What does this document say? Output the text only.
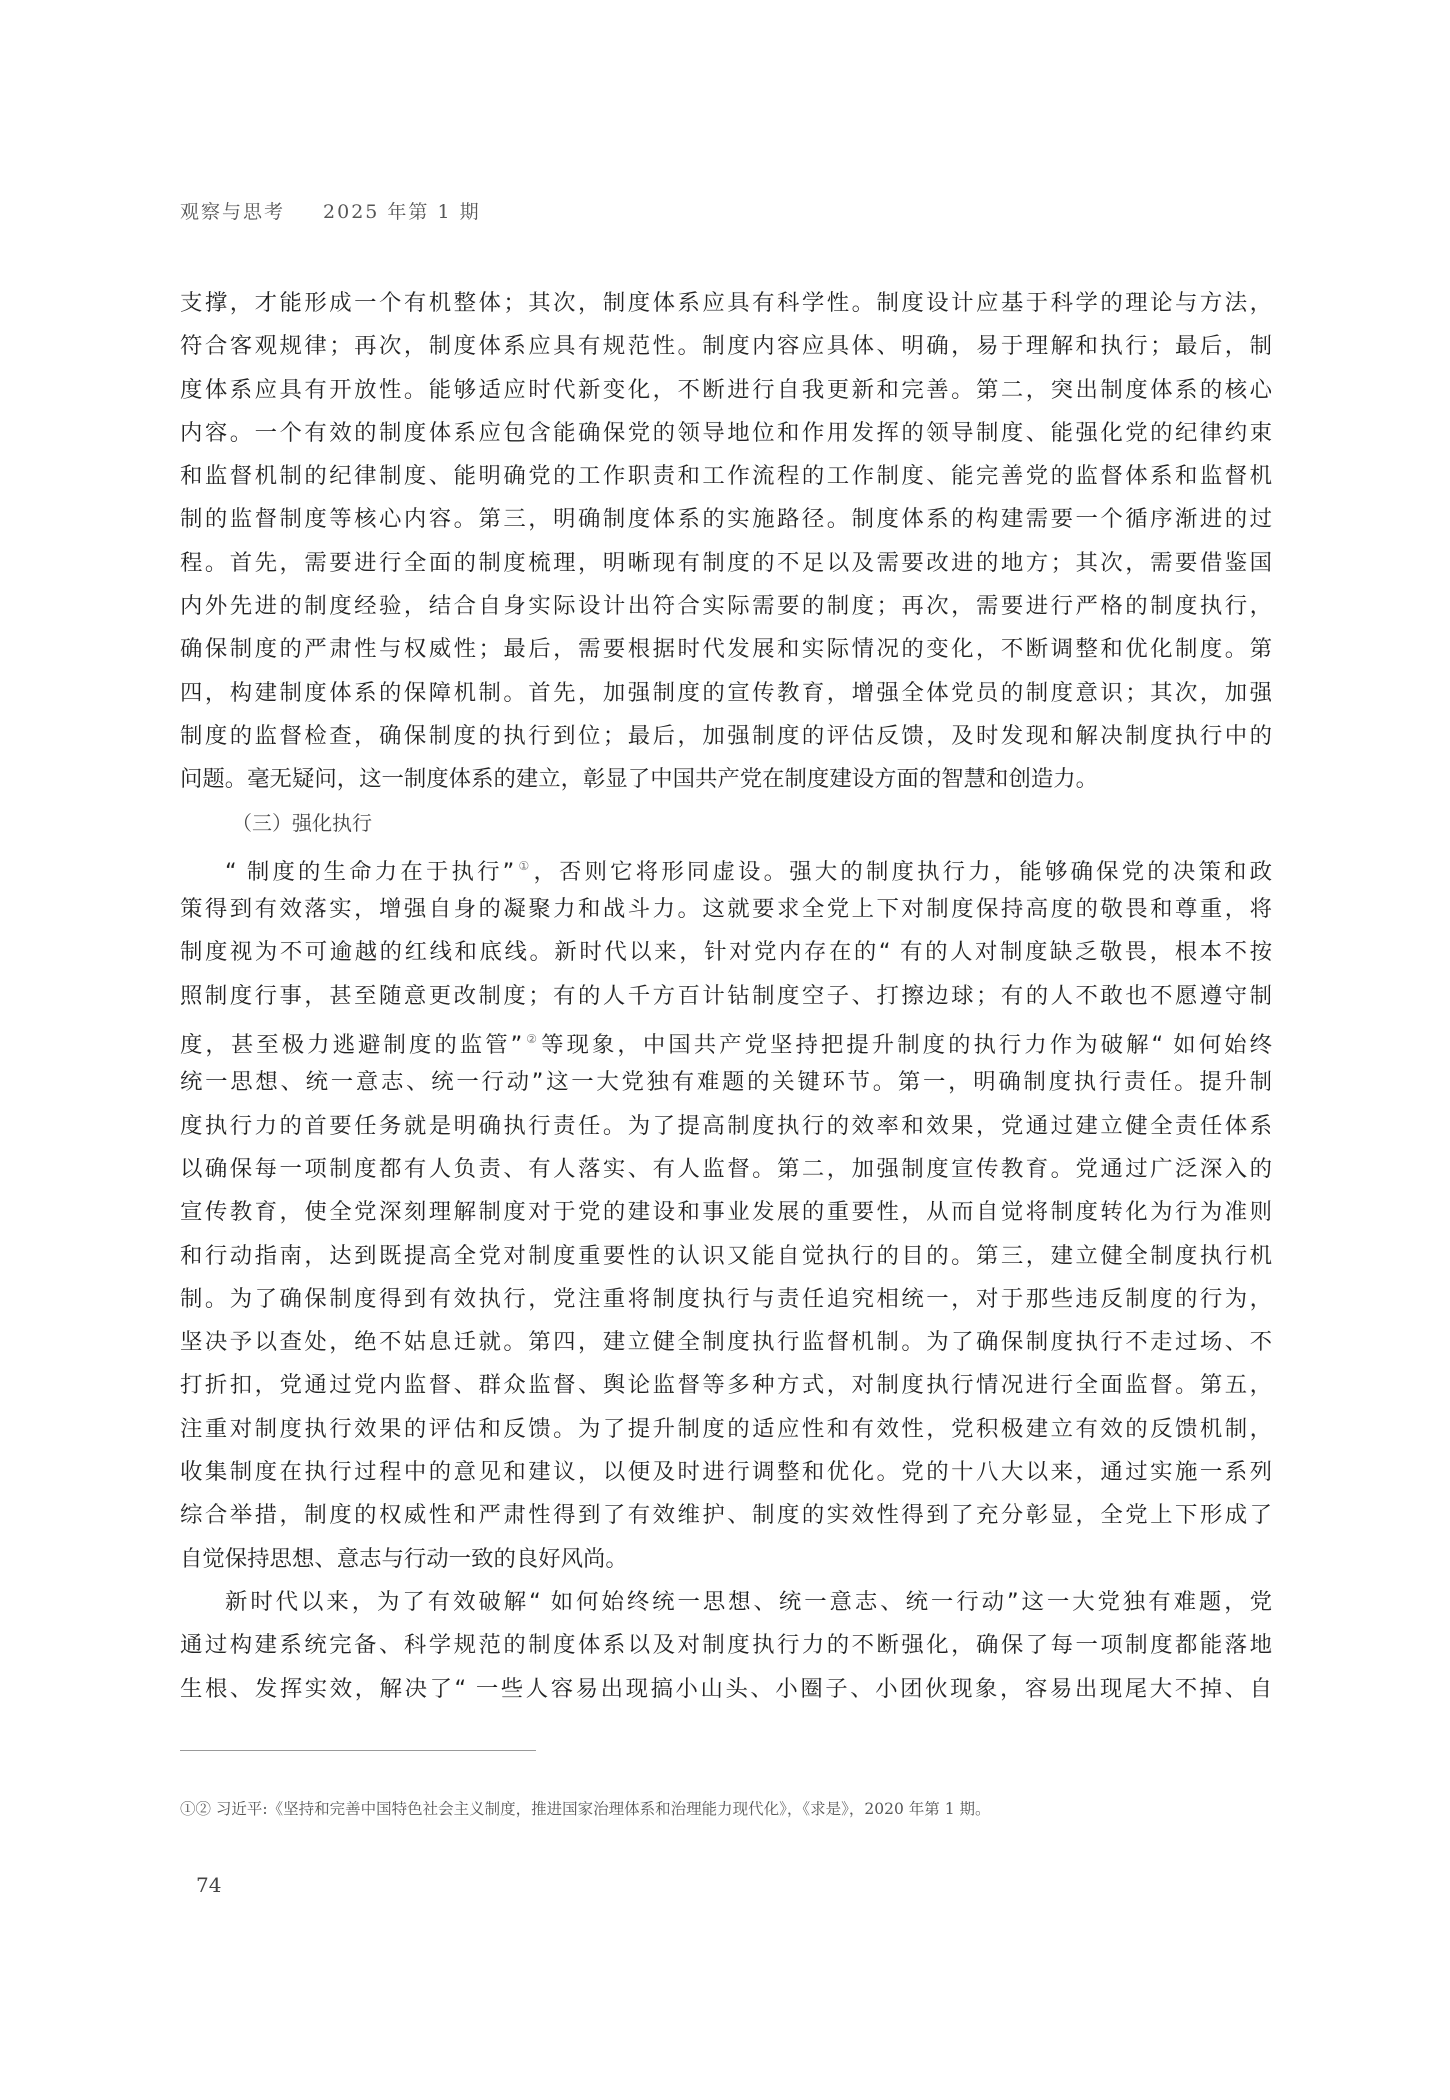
观察与思考 2025 年第 1 期
支撑，才能形成一个有机整体；其次，制度体系应具有科学性。制度设计应基于科学的理论与方法，
符合客观规律；再次，制度体系应具有规范性。制度内容应具体、明确，易于理解和执行；最后，制
度体系应具有开放性。能够适应时代新变化，不断进行自我更新和完善。第二，突出制度体系的核心
内容。一个有效的制度体系应包含能确保党的领导地位和作用发挥的领导制度、能强化党的纪律约束
和监督机制的纪律制度、能明确党的工作职责和工作流程的工作制度、能完善党的监督体系和监督机
制的监督制度等核心内容。第三，明确制度体系的实施路径。制度体系的构建需要一个循序渐进的过
程。首先，需要进行全面的制度梳理，明晰现有制度的不足以及需要改进的地方；其次，需要借鉴国
内外先进的制度经验，结合自身实际设计出符合实际需要的制度；再次，需要进行严格的制度执行，
确保制度的严肃性与权威性；最后，需要根据时代发展和实际情况的变化，不断调整和优化制度。第
四，构建制度体系的保障机制。首先，加强制度的宣传教育，增强全体党员的制度意识；其次，加强
制度的监督检查，确保制度的执行到位；最后，加强制度的评估反馈，及时发现和解决制度执行中的
问题。毫无疑问，这一制度体系的建立，彰显了中国共产党在制度建设方面的智慧和创造力。
（三）强化执行
“ 制度的生命力在于执行”①，否则它将形同虚设。强大的制度执行力，能够确保党的决策和政
策得到有效落实，增强自身的凝聚力和战斗力。这就要求全党上下对制度保持高度的敬畏和尊重，将
制度视为不可逾越的红线和底线。新时代以来，针对党内存在的“ 有的人对制度缺乏敬畏，根本不按
照制度行事，甚至随意更改制度；有的人千方百计钻制度空子、打擦边球；有的人不敢也不愿遵守制
度，甚至极力逃避制度的监管”②等现象，中国共产党坚持把提升制度的执行力作为破解“ 如何始终
统一思想、统一意志、统一行动”这一大党独有难题的关键环节。第一，明确制度执行责任。提升制
度执行力的首要任务就是明确执行责任。为了提高制度执行的效率和效果，党通过建立健全责任体系
以确保每一项制度都有人负责、有人落实、有人监督。第二，加强制度宣传教育。党通过广泛深入的
宣传教育，使全党深刻理解制度对于党的建设和事业发展的重要性，从而自觉将制度转化为行为准则
和行动指南，达到既提高全党对制度重要性的认识又能自觉执行的目的。第三，建立健全制度执行机
制。为了确保制度得到有效执行，党注重将制度执行与责任追究相统一，对于那些违反制度的行为，
坚决予以查处，绝不姑息迁就。第四，建立健全制度执行监督机制。为了确保制度执行不走过场、不
打折扣，党通过党内监督、群众监督、舆论监督等多种方式，对制度执行情况进行全面监督。第五，
注重对制度执行效果的评估和反馈。为了提升制度的适应性和有效性，党积极建立有效的反馈机制，
收集制度在执行过程中的意见和建议，以便及时进行调整和优化。党的十八大以来，通过实施一系列
综合举措，制度的权威性和严肃性得到了有效维护、制度的实效性得到了充分彰显，全党上下形成了
自觉保持思想、意志与行动一致的良好风尚。
新时代以来，为了有效破解“ 如何始终统一思想、统一意志、统一行动”这一大党独有难题，党
通过构建系统完备、科学规范的制度体系以及对制度执行力的不断强化，确保了每一项制度都能落地
生根、发挥实效，解决了“ 一些人容易出现搞小山头、小圈子、小团伙现象，容易出现尾大不掉、自
①② 习近平:《坚持和完善中国特色社会主义制度，推进国家治理体系和治理能力现代化》，《求是》，2020 年第 1 期。
74
